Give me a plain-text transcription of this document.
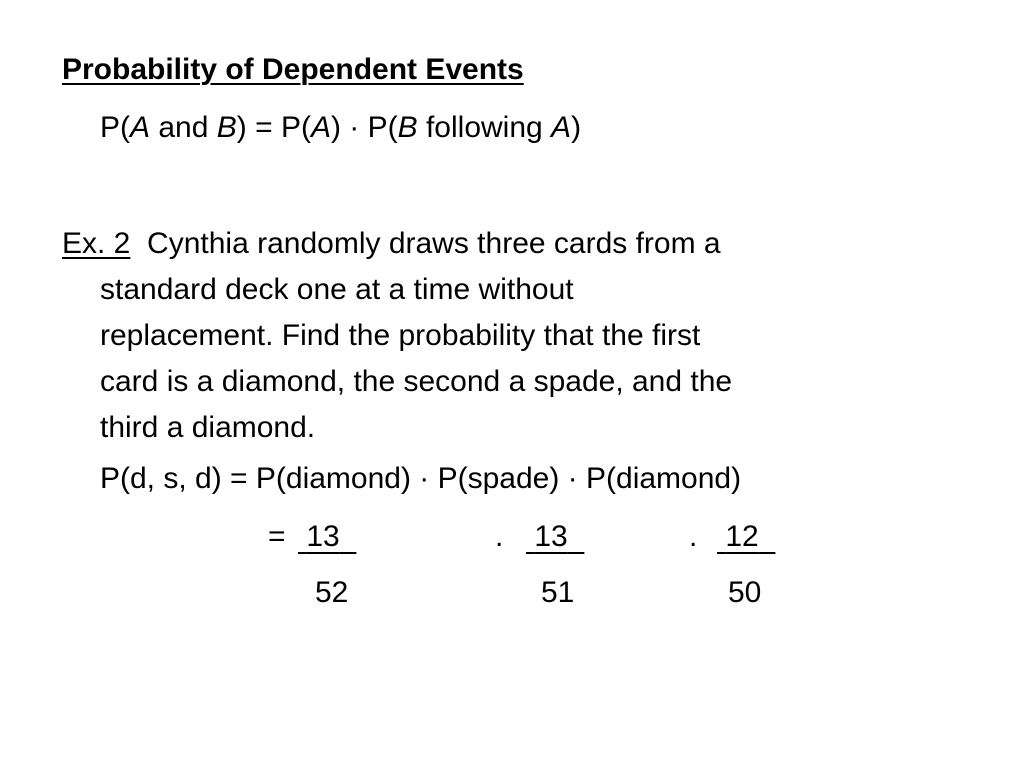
Probability of Dependent Events
P(A and B) = P(A) · P(B following A)
Ex. 2 Cynthia randomly draws three cards from a
standard deck one at a time without
replacement. Find the probability that the first
card is a diamond, the second a spade, and the
third a diamond.
P(d, s, d) = P(diamond) · P(spade) · P(diamond)
= 13
52
. 13
51
. 12
50
